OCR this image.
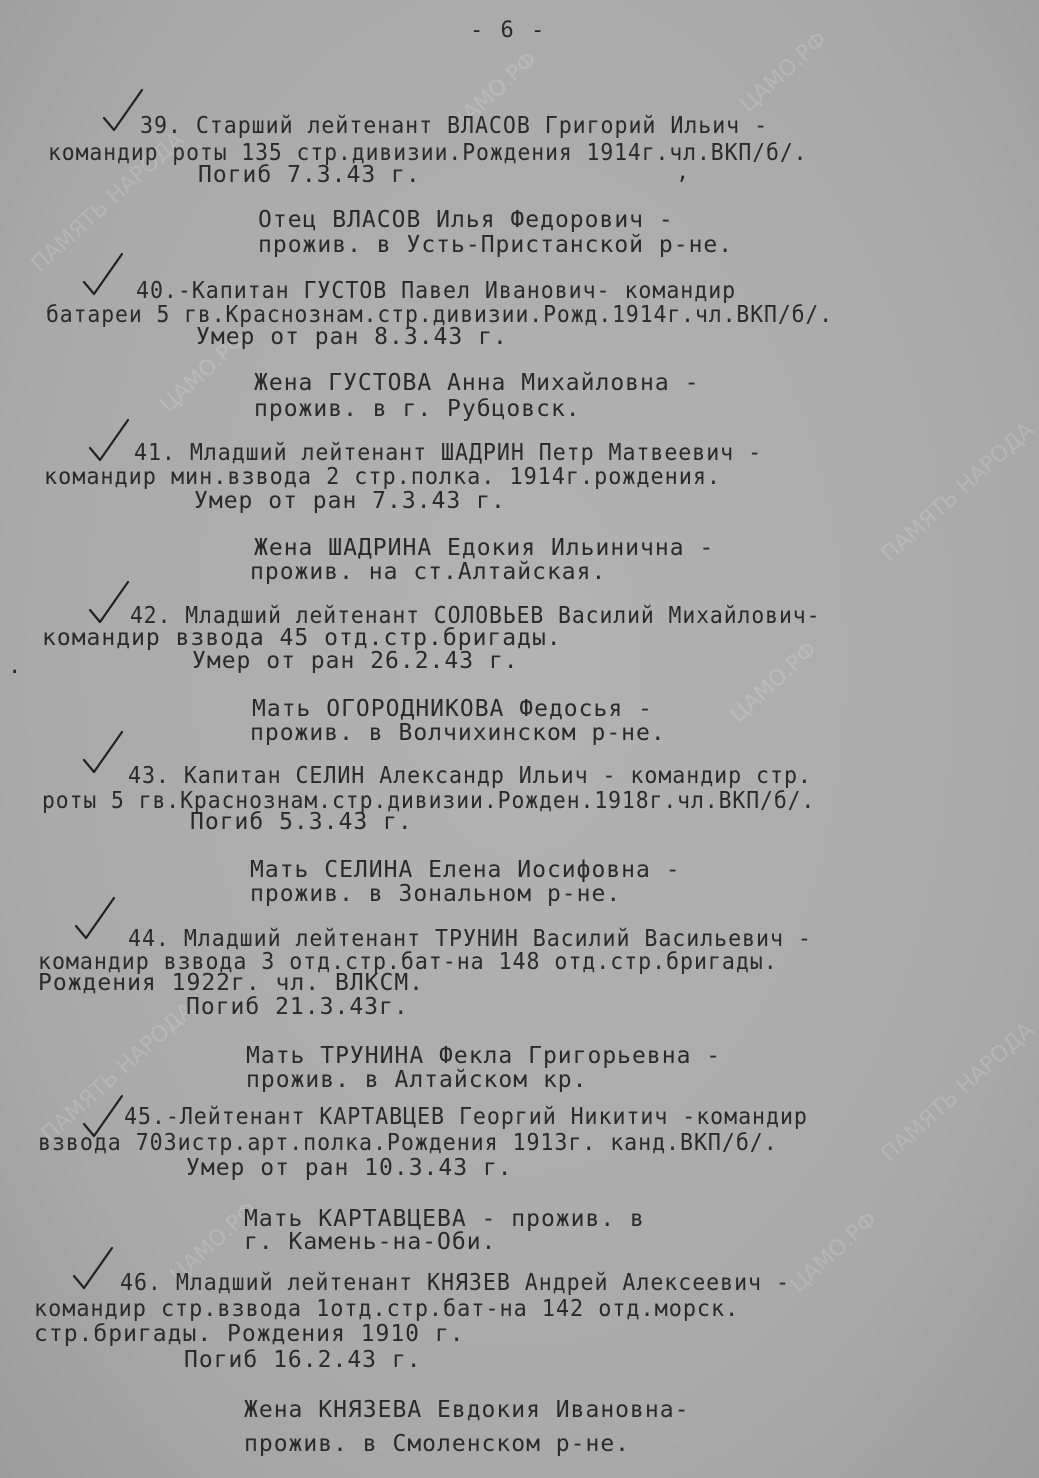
ЦАМО.РФ	ЦАМО.РФ
ЦАМО.РФ
ЦАМО.РФ
ЦАМО.РФ	ЦАМО.РФ
ПАМЯТЬ НАРОДА
ПАМЯТЬ НАРОДА
ПАМЯТЬ НАРОДА	ПАМЯТЬ НАРОДА
- 6 -
,
·
39. Старший лейтенант ВЛАСОВ Григорий Ильич -
командир роты 135 стр.дивизии.Рождения 1914г.чл.ВКП/б/.
Погиб 7.3.43 г.
Отец ВЛАСОВ Илья Федорович -
прожив. в Усть-Пристанской р-не.
40.-Капитан ГУСТОВ Павел Иванович- командир
батареи 5 гв.Краснознам.стр.дивизии.Рожд.1914г.чл.ВКП/б/.
Умер от ран 8.3.43 г.
Жена ГУСТОВА Анна Михайловна -
прожив. в г. Рубцовск.
41. Младший лейтенант ШАДРИН Петр Матвеевич -
командир мин.взвода 2 стр.полка. 1914г.рождения.
Умер от ран 7.3.43 г.
Жена ШАДРИНА Едокия Ильинична -
прожив. на ст.Алтайская.
42. Младший лейтенант СОЛОВЬЕВ Василий Михайлович-
командир взвода 45 отд.стр.бригады.
Умер от ран 26.2.43 г.
Мать ОГОРОДНИКОВА Федосья -
прожив. в Волчихинском р-не.
43. Капитан СЕЛИН Александр Ильич - командир стр.
роты 5 гв.Краснознам.стр.дивизии.Рожден.1918г.чл.ВКП/б/.
Погиб 5.3.43 г.
Мать СЕЛИНА Елена Иосифовна -
прожив. в Зональном р-не.
44. Младший лейтенант ТРУНИН Василий Васильевич -
командир взвода 3 отд.стр.бат-на 148 отд.стр.бригады.
Рождения 1922г. чл. ВЛКСМ.
Погиб 21.3.43г.
Мать ТРУНИНА Фекла Григорьевна -
прожив. в Алтайском кр.
45.-Лейтенант КАРТАВЦЕВ Георгий Никитич -командир
взвода 703истр.арт.полка.Рождения 1913г. канд.ВКП/б/.
Умер от ран 10.3.43 г.
Мать КАРТАВЦЕВА - прожив. в
г. Камень-на-Оби.
46. Младший лейтенант КНЯЗЕВ Андрей Алексеевич -
командир стр.взвода 1отд.стр.бат-на 142 отд.морск.
стр.бригады. Рождения 1910 г.
Погиб 16.2.43 г.
Жена КНЯЗЕВА Евдокия Ивановна-
прожив. в Смоленском р-не.
